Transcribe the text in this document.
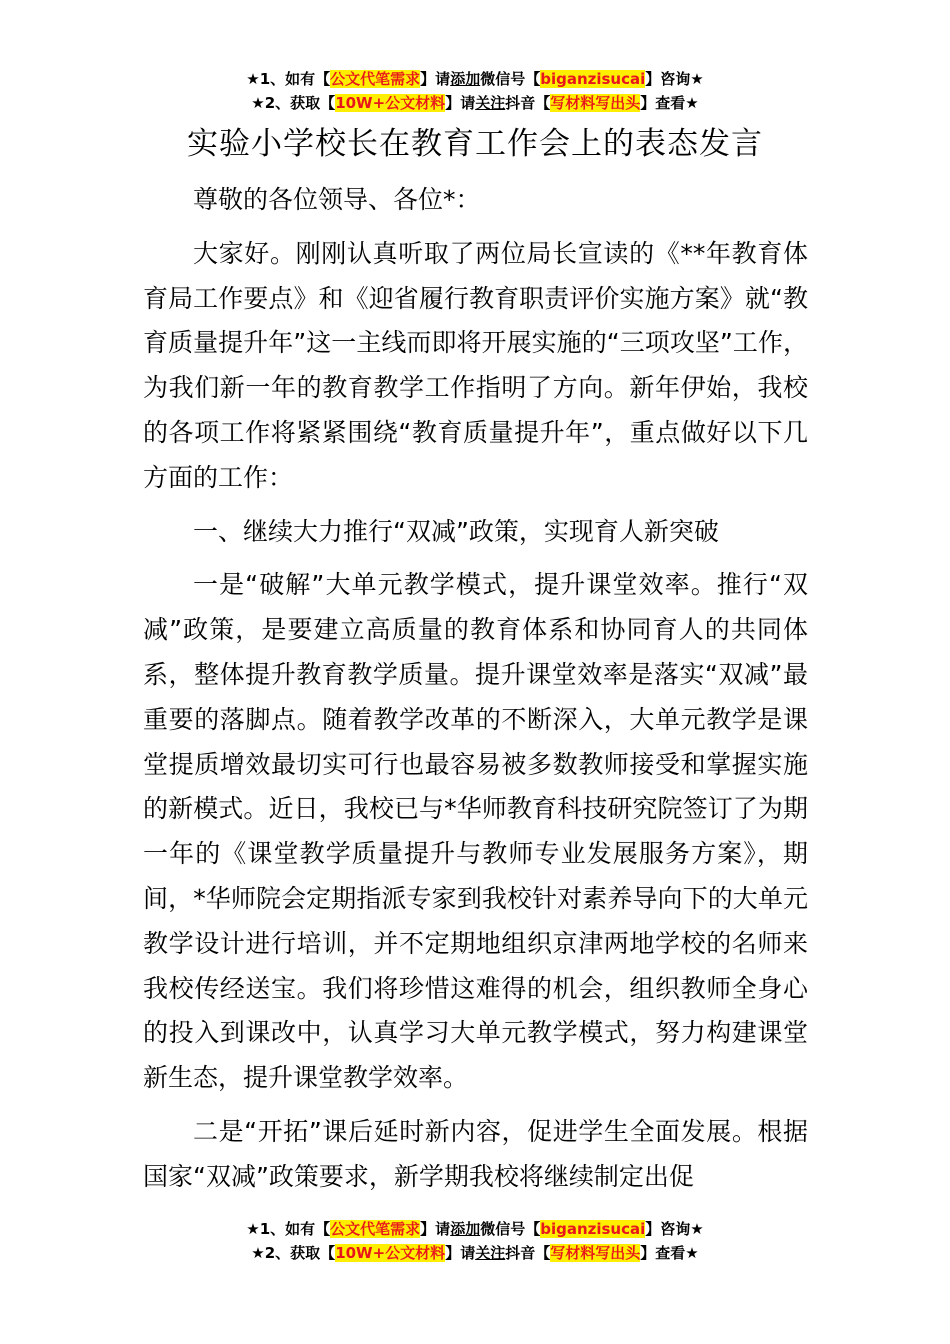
★1、如有【公文代笔需求】请添加微信号【biganzisucai】咨询★
★2、获取【10W+公文材料】请关注抖音【写材料写出头】查看★
实验小学校长在教育工作会上的表态发言

尊敬的各位领导、各位*：

大家好。刚刚认真听取了两位局长宣读的《**年教育体育局工作要点》和《迎省履行教育职责评价实施方案》就“教育质量提升年”这一主线而即将开展实施的“三项攻坚”工作，为我们新一年的教育教学工作指明了方向。新年伊始，我校的各项工作将紧紧围绕“教育质量提升年”，重点做好以下几方面的工作：

一、继续大力推行“双减”政策，实现育人新突破

一是“破解”大单元教学模式，提升课堂效率。推行“双减”政策，是要建立高质量的教育体系和协同育人的共同体系，整体提升教育教学质量。提升课堂效率是落实“双减”最重要的落脚点。随着教学改革的不断深入，大单元教学是课堂提质增效最切实可行也最容易被多数教师接受和掌握实施的新模式。近日，我校已与*华师教育科技研究院签订了为期一年的《课堂教学质量提升与教师专业发展服务方案》，期间，*华师院会定期指派专家到我校针对素养导向下的大单元教学设计进行培训，并不定期地组织京津两地学校的名师来我校传经送宝。我们将珍惜这难得的机会，组织教师全身心的投入到课改中，认真学习大单元教学模式，努力构建课堂新生态，提升课堂教学效率。

二是“开拓”课后延时新内容，促进学生全面发展。根据国家“双减”政策要求，新学期我校将继续制定出促

★1、如有【公文代笔需求】请添加微信号【biganzisucai】咨询★
★2、获取【10W+公文材料】请关注抖音【写材料写出头】查看★
